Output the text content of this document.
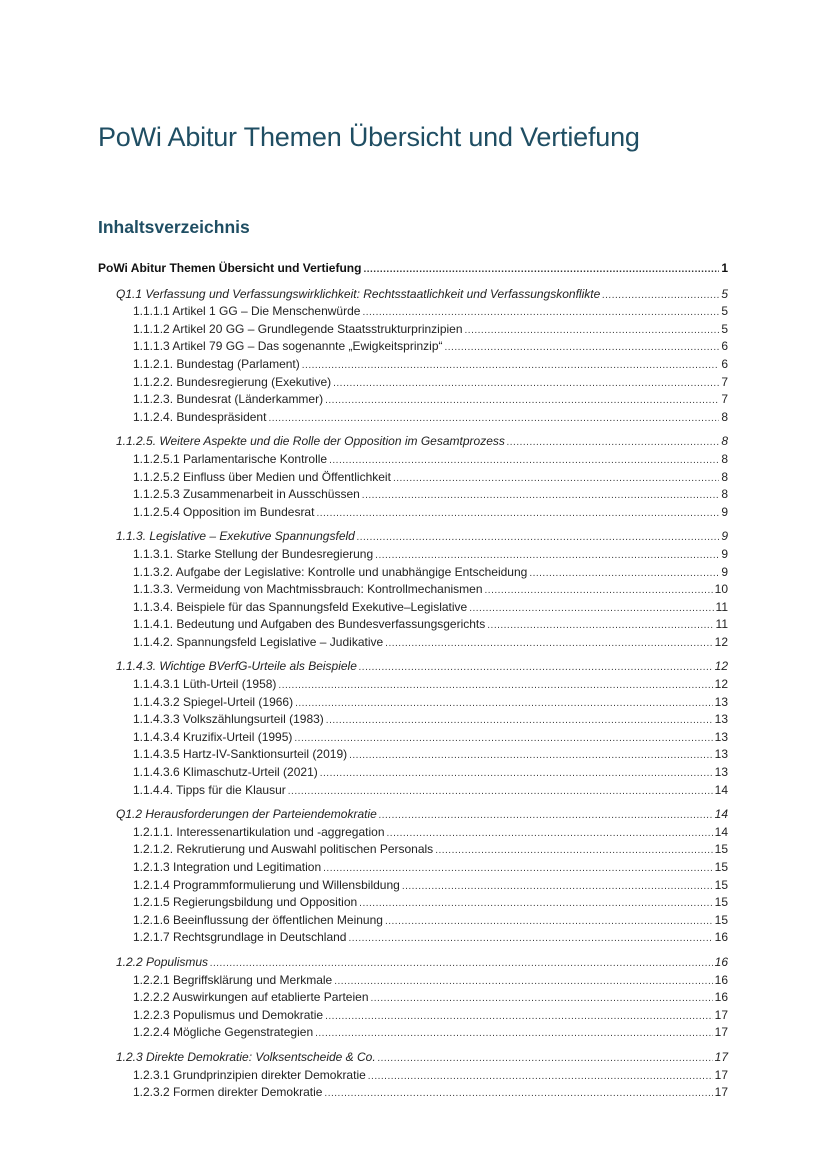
PoWi Abitur Themen Übersicht und Vertiefung
Inhaltsverzeichnis
PoWi Abitur Themen Übersicht und Vertiefung .....	1
Q1.1 Verfassung und Verfassungswirklichkeit: Rechtsstaatlichkeit und Verfassungskonflikte .....	5
1.1.1.1 Artikel 1 GG – Die Menschenwürde .....	5
1.1.1.2 Artikel 20 GG – Grundlegende Staatsstrukturprinzipien .....	5
1.1.1.3 Artikel 79 GG – Das sogenannte „Ewigkeitsprinzip“ .....	6
1.1.2.1. Bundestag (Parlament) .....	6
1.1.2.2. Bundesregierung (Exekutive) .....	7
1.1.2.3. Bundesrat (Länderkammer) .....	7
1.1.2.4. Bundespräsident .....	8
1.1.2.5. Weitere Aspekte und die Rolle der Opposition im Gesamtprozess .....	8
1.1.2.5.1 Parlamentarische Kontrolle .....	8
1.1.2.5.2 Einfluss über Medien und Öffentlichkeit .....	8
1.1.2.5.3 Zusammenarbeit in Ausschüssen .....	8
1.1.2.5.4 Opposition im Bundesrat .....	9
1.1.3. Legislative – Exekutive Spannungsfeld .....	9
1.1.3.1. Starke Stellung der Bundesregierung .....	9
1.1.3.2. Aufgabe der Legislative: Kontrolle und unabhängige Entscheidung .....	9
1.1.3.3. Vermeidung von Machtmissbrauch: Kontrollmechanismen .....	10
1.1.3.4. Beispiele für das Spannungsfeld Exekutive–Legislative .....	11
1.1.4.1. Bedeutung und Aufgaben des Bundesverfassungsgerichts .....	11
1.1.4.2. Spannungsfeld Legislative – Judikative .....	12
1.1.4.3. Wichtige BVerfG-Urteile als Beispiele .....	12
1.1.4.3.1 Lüth-Urteil (1958) .....	12
1.1.4.3.2 Spiegel-Urteil (1966) .....	13
1.1.4.3.3 Volkszählungsurteil (1983) .....	13
1.1.4.3.4 Kruzifix-Urteil (1995) .....	13
1.1.4.3.5 Hartz-IV-Sanktionsurteil (2019) .....	13
1.1.4.3.6 Klimaschutz-Urteil (2021) .....	13
1.1.4.4. Tipps für die Klausur .....	14
Q1.2 Herausforderungen der Parteiendemokratie .....	14
1.2.1.1. Interessenartikulation und -aggregation .....	14
1.2.1.2. Rekrutierung und Auswahl politischen Personals .....	15
1.2.1.3 Integration und Legitimation .....	15
1.2.1.4 Programmformulierung und Willensbildung .....	15
1.2.1.5 Regierungsbildung und Opposition .....	15
1.2.1.6 Beeinflussung der öffentlichen Meinung .....	15
1.2.1.7 Rechtsgrundlage in Deutschland .....	16
1.2.2 Populismus .....	16
1.2.2.1 Begriffsklärung und Merkmale .....	16
1.2.2.2 Auswirkungen auf etablierte Parteien .....	16
1.2.2.3 Populismus und Demokratie .....	17
1.2.2.4 Mögliche Gegenstrategien .....	17
1.2.3 Direkte Demokratie: Volksentscheide & Co. .....	17
1.2.3.1 Grundprinzipien direkter Demokratie .....	17
1.2.3.2 Formen direkter Demokratie .....	17
